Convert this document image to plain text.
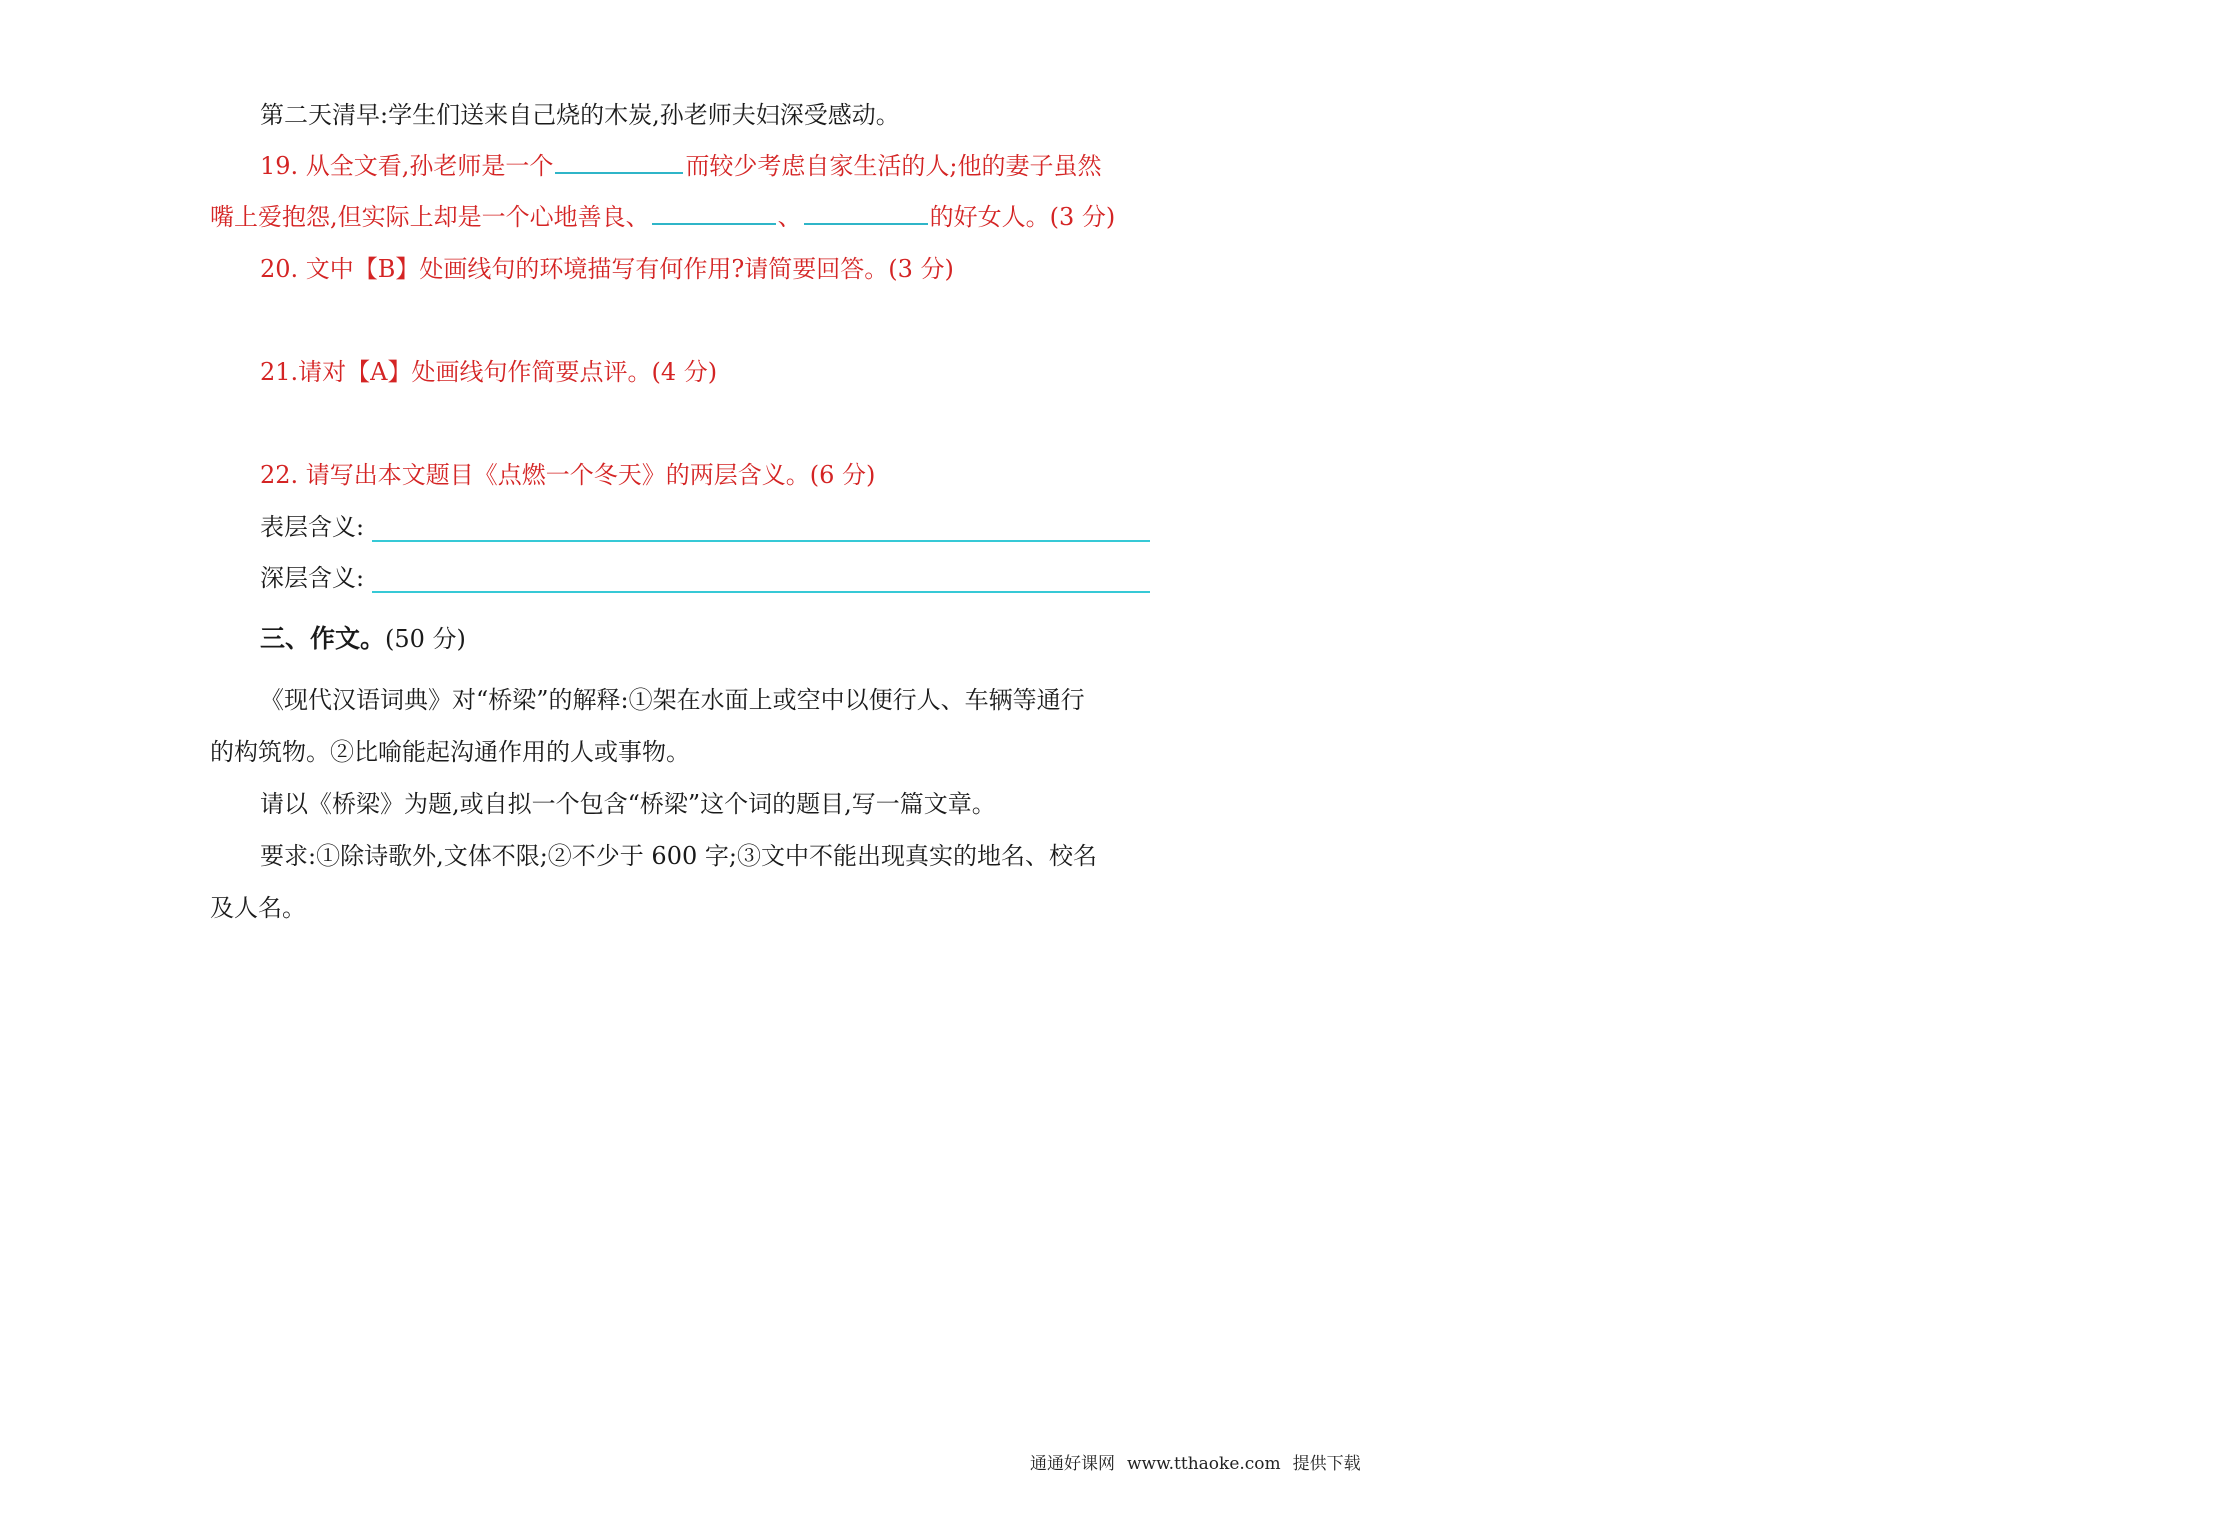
第二天清早:学生们送来自己烧的木炭,孙老师夫妇深受感动。
19. 从全文看,孙老师是一个	而较少考虑自家生活的人;他的妻子虽然
嘴上爱抱怨,但实际上却是一个心地善良、	、	的好女人。(3 分)
20. 文中【B】处画线句的环境描写有何作用?请简要回答。(3 分)
21.请对【A】处画线句作简要点评。(4 分)
22. 请写出本文题目《点燃一个冬天》的两层含义。(6 分)
表层含义:
深层含义:
三、作文。(50 分)
《现代汉语词典》对“桥梁”的解释:①架在水面上或空中以便行人、车辆等通行
的构筑物。②比喻能起沟通作用的人或事物。
请以《桥梁》为题,或自拟一个包含“桥梁”这个词的题目,写一篇文章。
要求:①除诗歌外,文体不限;②不少于 600 字;③文中不能出现真实的地名、校名
及人名。
通通好课网 www.tthaoke.com 提供下载
